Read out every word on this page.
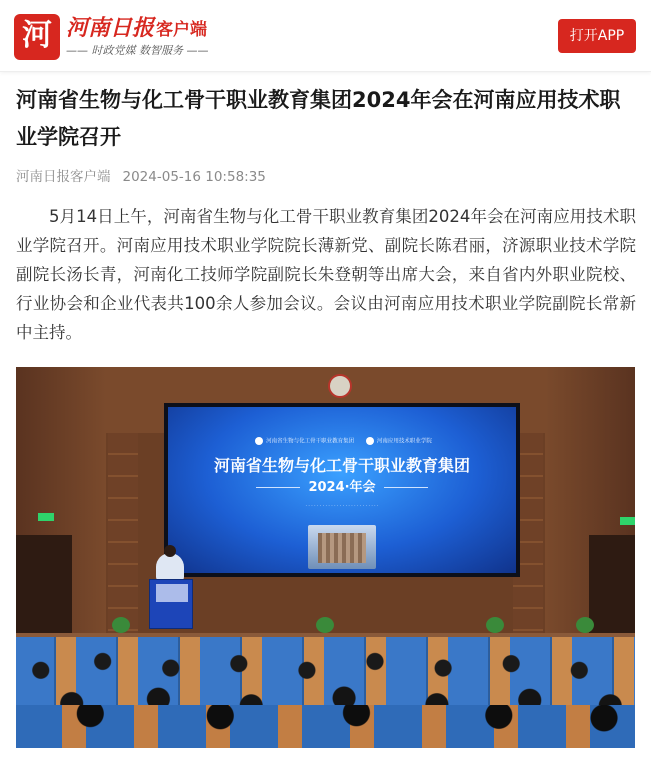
河 河南日报 客户端
—— 时政党媒 数智服务 ——
打开APP
河南省生物与化工骨干职业教育集团2024年会在河南应用技术职业学院召开
河南日报客户端 2024-05-16 10:58:35

5月14日上午，河南省生物与化工骨干职业教育集团2024年会在河南应用技术职业学院召开。河南应用技术职业学院院长薄新党、副院长陈君丽，济源职业技术学院副院长汤长青，河南化工技师学院副院长朱登朝等出席大会，来自省内外职业院校、行业协会和企业代表共100余人参加会议。会议由河南应用技术职业学院副院长常新中主持。

河南省生物与化工骨干职业教育集团	河南应用技术职业学院
河南省生物与化工骨干职业教育集团
2024·年会
· · · · · · · · · · · · · · · · · · · · · · · · · ·
